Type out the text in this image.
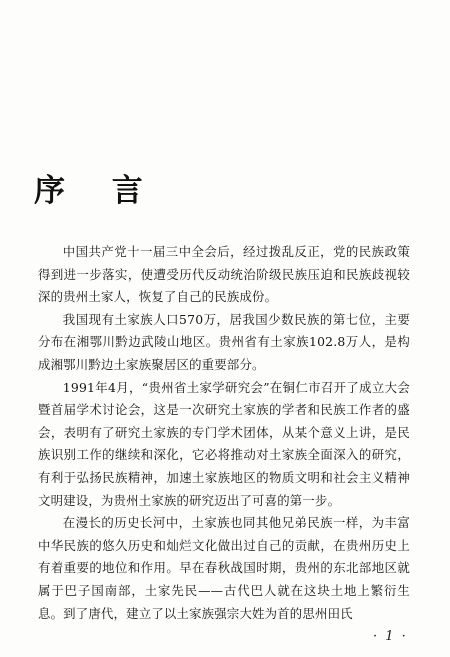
序 言

中国共产党十一届三中全会后，经过拨乱反正，党的民族政策得到进一步落实，使遭受历代反动统治阶级民族压迫和民族歧视较深的贵州土家人，恢复了自己的民族成份。

我国现有土家族人口570万，居我国少数民族的第七位，主要分布在湘鄂川黔边武陵山地区。贵州省有土家族102.8万人，是构成湘鄂川黔边土家族聚居区的重要部分。

1991年4月，“贵州省土家学研究会”在铜仁市召开了成立大会暨首届学术讨论会，这是一次研究土家族的学者和民族工作者的盛会，表明有了研究土家族的专门学术团体，从某个意义上讲，是民族识别工作的继续和深化，它必将推动对土家族全面深入的研究，有利于弘扬民族精神，加速土家族地区的物质文明和社会主义精神文明建设，为贵州土家族的研究迈出了可喜的第一步。

在漫长的历史长河中，土家族也同其他兄弟民族一样，为丰富中华民族的悠久历史和灿烂文化做出过自己的贡献，在贵州历史上有着重要的地位和作用。早在春秋战国时期，贵州的东北部地区就属于巴子国南部，土家先民——古代巴人就在这块土地上繁衍生息。到了唐代，建立了以土家族强宗大姓为首的思州田氏

· 1 ·
